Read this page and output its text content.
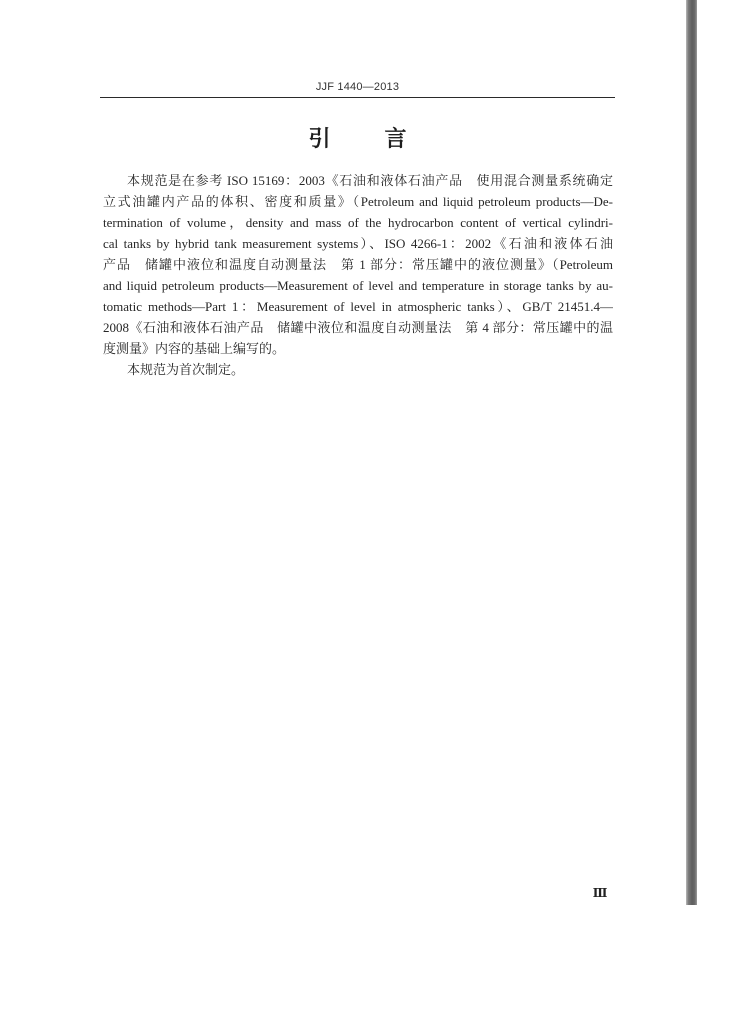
JJF 1440—2013
引　言
本规范是在参考 ISO 15169：2003《石油和液体石油产品　使用混合测量系统确定
立式油罐内产品的体积、密度和质量》（Petroleum and liquid petroleum products—De-
termination of volume，density and mass of the hydrocarbon content of vertical cylindri-
cal tanks by hybrid tank measurement systems）、ISO 4266-1：2002《石油和液体石油
产品　储罐中液位和温度自动测量法　第 1 部分：常压罐中的液位测量》（Petroleum
and liquid petroleum products—Measurement of level and temperature in storage tanks by au-
tomatic methods—Part 1：Measurement of level in atmospheric tanks）、GB/T 21451.4—
2008《石油和液体石油产品　储罐中液位和温度自动测量法　第 4 部分：常压罐中的温
度测量》内容的基础上编写的。
本规范为首次制定。
Ⅲ
